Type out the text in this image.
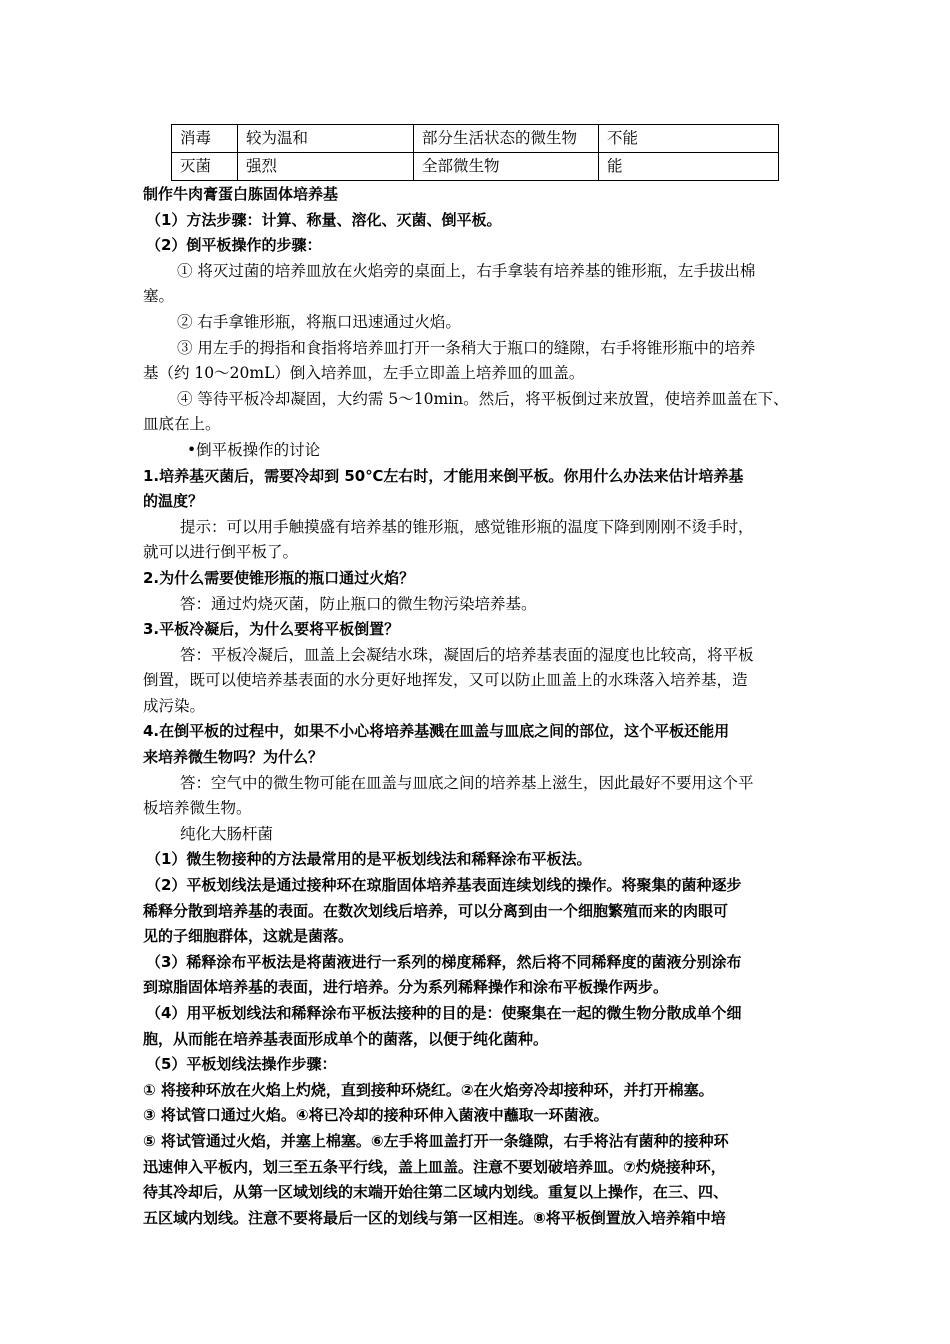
消毒	较为温和	部分生活状态的微生物	不能
灭菌	强烈	全部微生物	能
制作牛肉膏蛋白胨固体培养基
（1）方法步骤：计算、称量、溶化、灭菌、倒平板。
（2）倒平板操作的步骤：
① 将灭过菌的培养皿放在火焰旁的桌面上，右手拿装有培养基的锥形瓶，左手拔出棉
塞。
② 右手拿锥形瓶，将瓶口迅速通过火焰。
③ 用左手的拇指和食指将培养皿打开一条稍大于瓶口的缝隙，右手将锥形瓶中的培养
基（约 10～20mL）倒入培养皿，左手立即盖上培养皿的皿盖。
④ 等待平板冷却凝固，大约需 5～10min。然后，将平板倒过来放置，使培养皿盖在下、
皿底在上。
•倒平板操作的讨论
1.培养基灭菌后，需要冷却到 50℃左右时，才能用来倒平板。你用什么办法来估计培养基
的温度？
提示：可以用手触摸盛有培养基的锥形瓶，感觉锥形瓶的温度下降到刚刚不烫手时，
就可以进行倒平板了。
2.为什么需要使锥形瓶的瓶口通过火焰？
答：通过灼烧灭菌，防止瓶口的微生物污染培养基。
3.平板冷凝后，为什么要将平板倒置？
答：平板冷凝后，皿盖上会凝结水珠，凝固后的培养基表面的湿度也比较高，将平板
倒置，既可以使培养基表面的水分更好地挥发，又可以防止皿盖上的水珠落入培养基，造
成污染。
4.在倒平板的过程中，如果不小心将培养基溅在皿盖与皿底之间的部位，这个平板还能用
来培养微生物吗？为什么？
答：空气中的微生物可能在皿盖与皿底之间的培养基上滋生，因此最好不要用这个平
板培养微生物。
纯化大肠杆菌
（1）微生物接种的方法最常用的是平板划线法和稀释涂布平板法。
（2）平板划线法是通过接种环在琼脂固体培养基表面连续划线的操作。将聚集的菌种逐步
稀释分散到培养基的表面。在数次划线后培养，可以分离到由一个细胞繁殖而来的肉眼可
见的子细胞群体，这就是菌落。
（3）稀释涂布平板法是将菌液进行一系列的梯度稀释，然后将不同稀释度的菌液分别涂布
到琼脂固体培养基的表面，进行培养。分为系列稀释操作和涂布平板操作两步。
（4）用平板划线法和稀释涂布平板法接种的目的是：使聚集在一起的微生物分散成单个细
胞，从而能在培养基表面形成单个的菌落，以便于纯化菌种。
（5）平板划线法操作步骤：
① 将接种环放在火焰上灼烧，直到接种环烧红。②在火焰旁冷却接种环，并打开棉塞。
③ 将试管口通过火焰。④将已冷却的接种环伸入菌液中蘸取一环菌液。
⑤ 将试管通过火焰，并塞上棉塞。⑥左手将皿盖打开一条缝隙，右手将沾有菌种的接种环
迅速伸入平板内，划三至五条平行线，盖上皿盖。注意不要划破培养皿。⑦灼烧接种环，
待其冷却后，从第一区域划线的末端开始往第二区域内划线。重复以上操作，在三、四、
五区域内划线。注意不要将最后一区的划线与第一区相连。⑧将平板倒置放入培养箱中培
